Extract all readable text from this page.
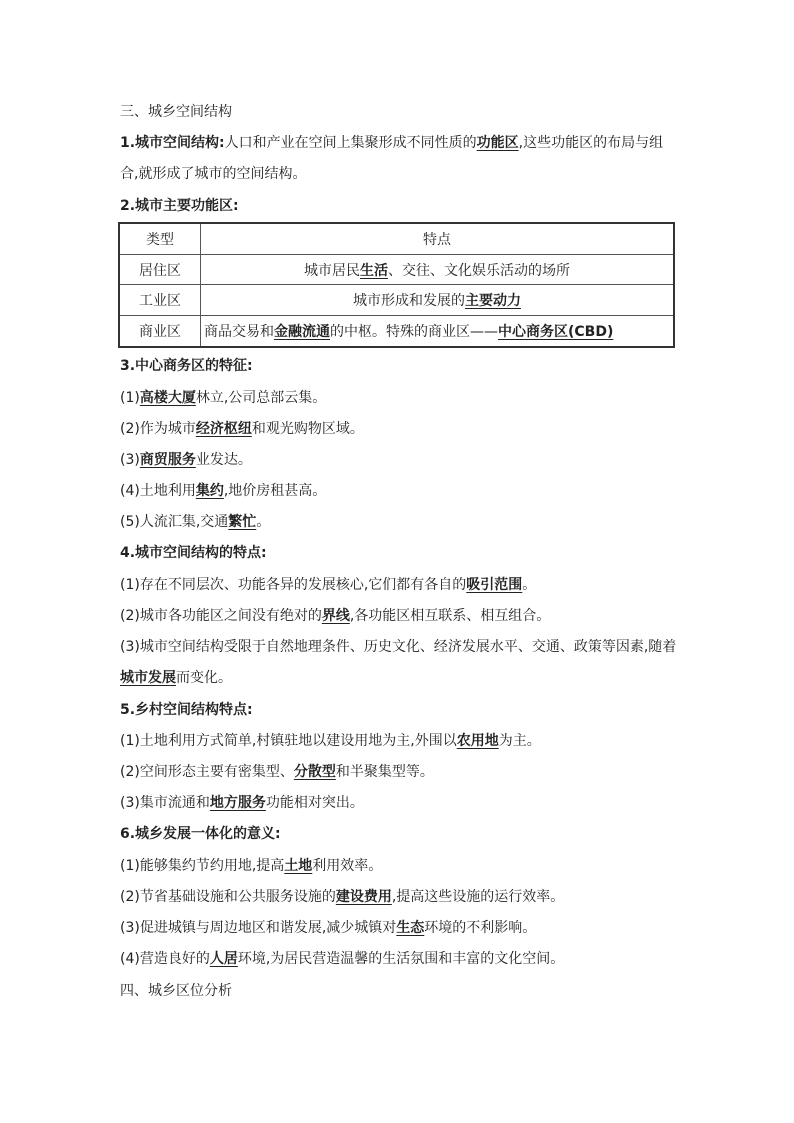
三、城乡空间结构
1.城市空间结构:人口和产业在空间上集聚形成不同性质的功能区,这些功能区的布局与组
合,就形成了城市的空间结构。
2.城市主要功能区:
类型	特点
居住区	城市居民生活、交往、文化娱乐活动的场所
工业区	城市形成和发展的主要动力
商业区	商品交易和金融流通的中枢。特殊的商业区——中心商务区(CBD)
3.中心商务区的特征:
(1)高楼大厦林立,公司总部云集。
(2)作为城市经济枢纽和观光购物区域。
(3)商贸服务业发达。
(4)土地利用集约,地价房租甚高。
(5)人流汇集,交通繁忙。
4.城市空间结构的特点:
(1)存在不同层次、功能各异的发展核心,它们都有各自的吸引范围。
(2)城市各功能区之间没有绝对的界线,各功能区相互联系、相互组合。
(3)城市空间结构受限于自然地理条件、历史文化、经济发展水平、交通、政策等因素,随着
城市发展而变化。
5.乡村空间结构特点:
(1)土地利用方式简单,村镇驻地以建设用地为主,外围以农用地为主。
(2)空间形态主要有密集型、分散型和半聚集型等。
(3)集市流通和地方服务功能相对突出。
6.城乡发展一体化的意义:
(1)能够集约节约用地,提高土地利用效率。
(2)节省基础设施和公共服务设施的建设费用,提高这些设施的运行效率。
(3)促进城镇与周边地区和谐发展,减少城镇对生态环境的不利影响。
(4)营造良好的人居环境,为居民营造温馨的生活氛围和丰富的文化空间。
四、城乡区位分析
